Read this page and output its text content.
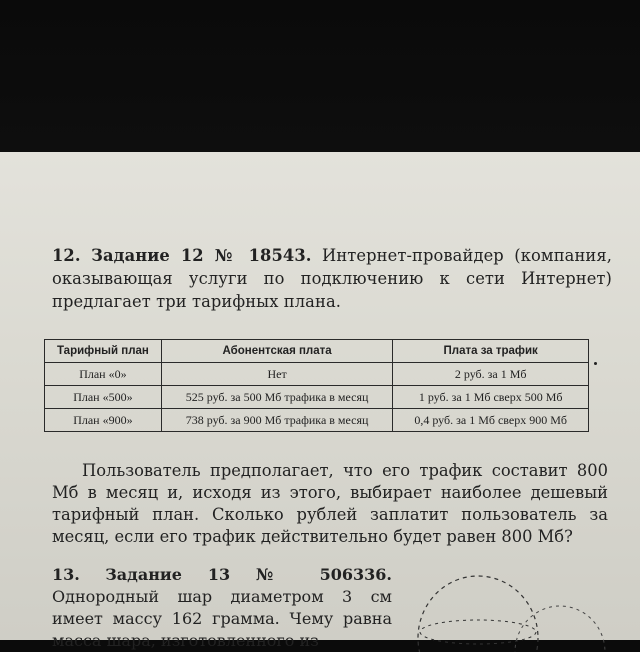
12. Задание 12 № 18543. Интернет-провайдер (компания, оказывающая услуги по подключению к сети Интернет) предлагает три тарифных плана.
Тарифный план	Абонентская плата	Плата за трафик
План «0»	Нет	2 руб. за 1 Мб
План «500»	525 руб. за 500 Мб трафика в месяц	1 руб. за 1 Мб сверх 500 Мб
План «900»	738 руб. за 900 Мб трафика в месяц	0,4 руб. за 1 Мб сверх 900 Мб
Пользователь предполагает, что его трафик составит 800 Мб в месяц и, исходя из этого, выбирает наиболее дешевый тарифный план. Сколько рублей заплатит пользователь за месяц, если его трафик действительно будет равен 800 Мб?
13. Задание 13 № 506336. Однородный шар диаметром 3 см имеет массу 162 грамма. Чему равна масса шара, изготовленного из
